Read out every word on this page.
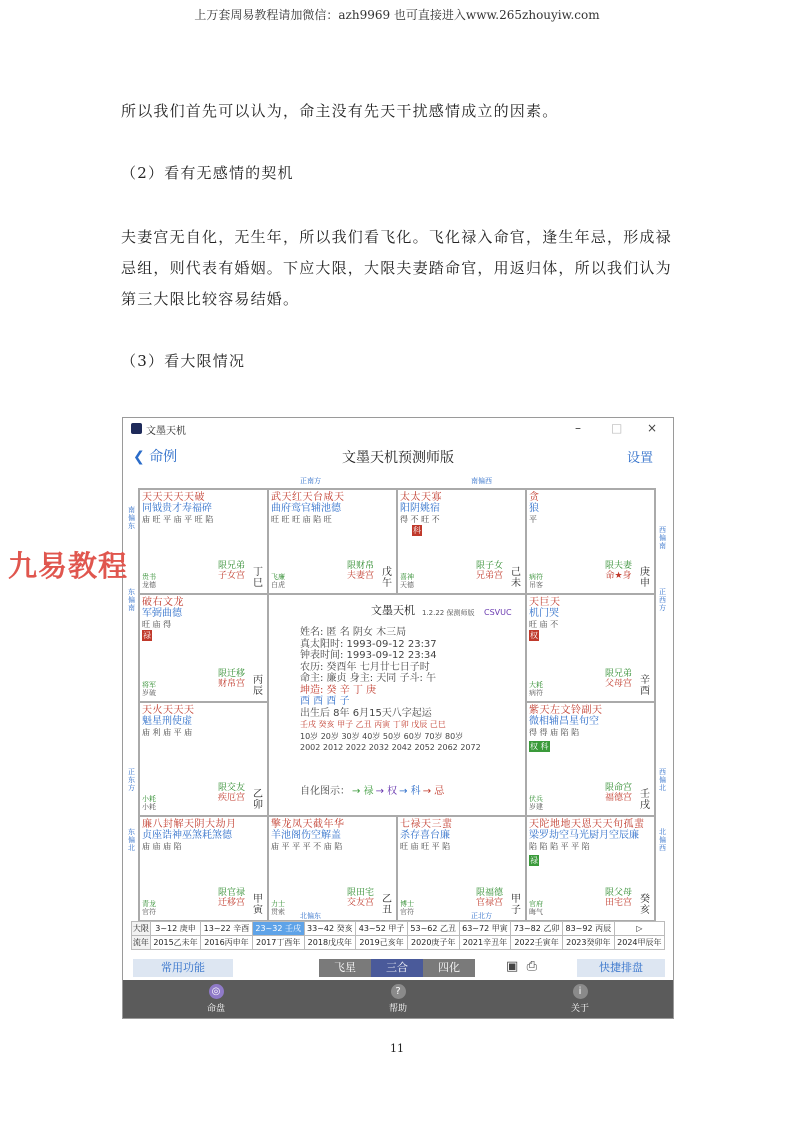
上万套周易教程请加微信：azh9969 也可直接进入www.265zhouyiw.com
所以我们首先可以认为，命主没有先天干扰感情成立的因素。
（2）看有无感情的契机
夫妻宫无自化，无生年，所以我们看飞化。飞化禄入命官，逢生年忌，形成禄忌组，则代表有婚姻。下应大限，大限夫妻踏命官，用返归体，所以我们认为第三大限比较容易结婚。
（3）看大限情况
文墨天机	–	□ ×
❮ 命例	文墨天机预测师版	设置
正南方	南偏西
北偏东	正北方
南偏东
东偏南
正东方
东偏北
西偏南
正西方
西偏北
北偏西
天天天天天破
同钺贵才寿福碎
庙 旺 平 庙 平 旺 陷
贵书
龙德
限兄弟
子女宫 丁
巳
武天红天台咸天
曲府鸾官辅池德
旺 旺 旺 庙 陷 旺
飞廉
白虎
限财帛
夫妻宫 戊
午
太太天寡
阳阴姚宿
得 不 旺 不
科
喜神
天德
限子女
兄弟宫 己
未
贪
狼
平
病符
吊客
限夫妻
命★身 庚
申
破右文龙
军弼曲德
旺 庙 得
禄
将军
岁破
限迁移
财帛宫 丙
辰
天巨天
机门哭
旺 庙 不
权
大耗
病符
限兄弟
父母宫 辛
酉
天火天天天
魁星刑使虚
庙 利 庙 平 庙
小耗
小耗
限交友
疾厄宫 乙
卯
紫天左文铃副天
微相辅昌星旬空
得 得 庙 陷 陷
权 科
伏兵
岁建
限命宫
福德宫 壬
戌
廉八封解天阴大劫月
贞座诰神巫煞耗煞德
庙 庙 庙 陷
青龙
官符
限官禄
迁移宫 甲
寅
擎龙凤天截年华
羊池阁伤空解盖
庙 平 平 平 不 庙 陷
力士
贯索
限田宅
交友宫 乙
丑
七禄天三蜚
杀存喜台廉
旺 庙 旺 平 陷
博士
官符
限福德
官禄宫 甲
子
天陀地地天恩天天旬孤蜚
梁罗劫空马光厨月空辰廉
陷 陷 陷 平 平 陷
禄
官府
晦气
限父母
田宅宫 癸
亥
文墨天机 1.2.22 保测师版 CSVUC
姓名: 匿 名 阴女 木三局
真太阳时: 1993-09-12 23:37
钟表时间: 1993-09-12 23:34
农历: 癸酉年 七月廿七日子时
命主: 廉贞 身主: 天同 子斗: 午
坤造: 癸 辛 丁 庚
酉 酉 酉 子
出生后 8年 6月15天八字起运
壬戌 癸亥 甲子 乙丑 丙寅 丁卯 戊辰 己巳
10岁 20岁 30岁 40岁 50岁 60岁 70岁 80岁
2002 2012 2022 2032 2042 2052 2062 2072
自化图示： → 禄 → 权 → 科 → 忌
大限	3~12 庚申	13~22 辛酉	23~32 壬戌	33~42 癸亥	43~52 甲子	53~62 乙丑	63~72 甲寅	73~82 乙卯	83~92 丙辰	▷
流年	2015乙未年	2016丙申年	2017丁酉年	2018戊戌年	2019己亥年	2020庚子年	2021辛丑年	2022壬寅年	2023癸卯年	2024甲辰年
常用功能	飞星	三合	四化	▣ ⎙	快捷排盘
◎
命盘
?
帮助
i
关于
九易教程
11
